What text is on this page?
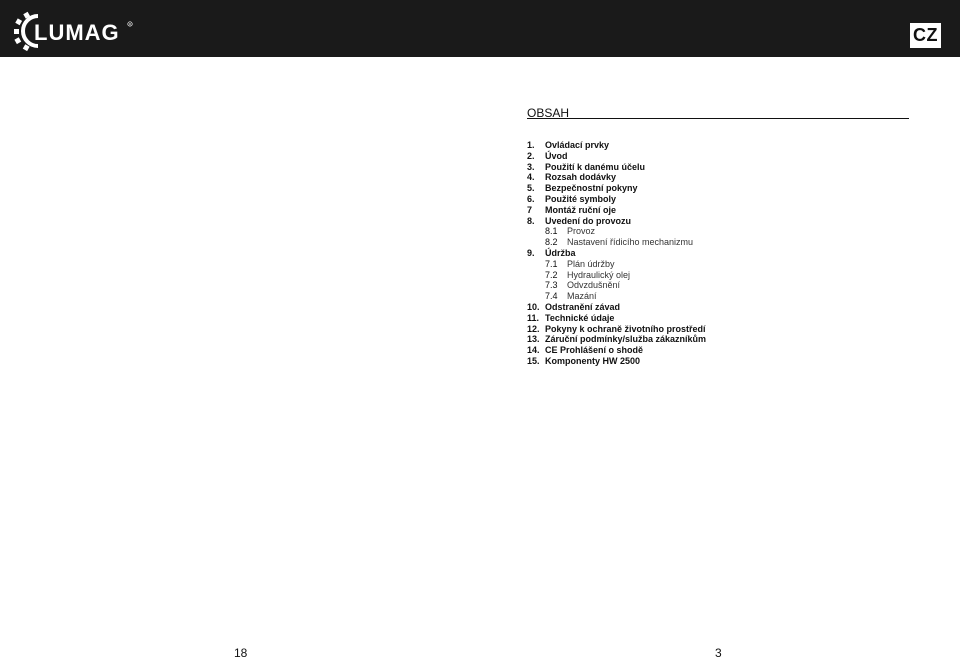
LUMAG	R
CZ
OBSAH
1. Ovládací prvky
2. Úvod
3. Použití k danému účelu
4. Rozsah dodávky
5. Bezpečnostní pokyny
6. Použité symboly
7 Montáž ruční oje
8. Uvedení do provozu
8.1 Provoz
8.2 Nastavení řídicího mechanizmu
9. Údržba
7.1 Plán údržby
7.2 Hydraulický olej
7.3 Odvzdušnění
7.4 Mazání
10. Odstranění závad
11. Technické údaje
12. Pokyny k ochraně životního prostředí
13. Záruční podmínky/služba zákazníkům
14. CE Prohlášení o shodě
15. Komponenty HW 2500
18	3
